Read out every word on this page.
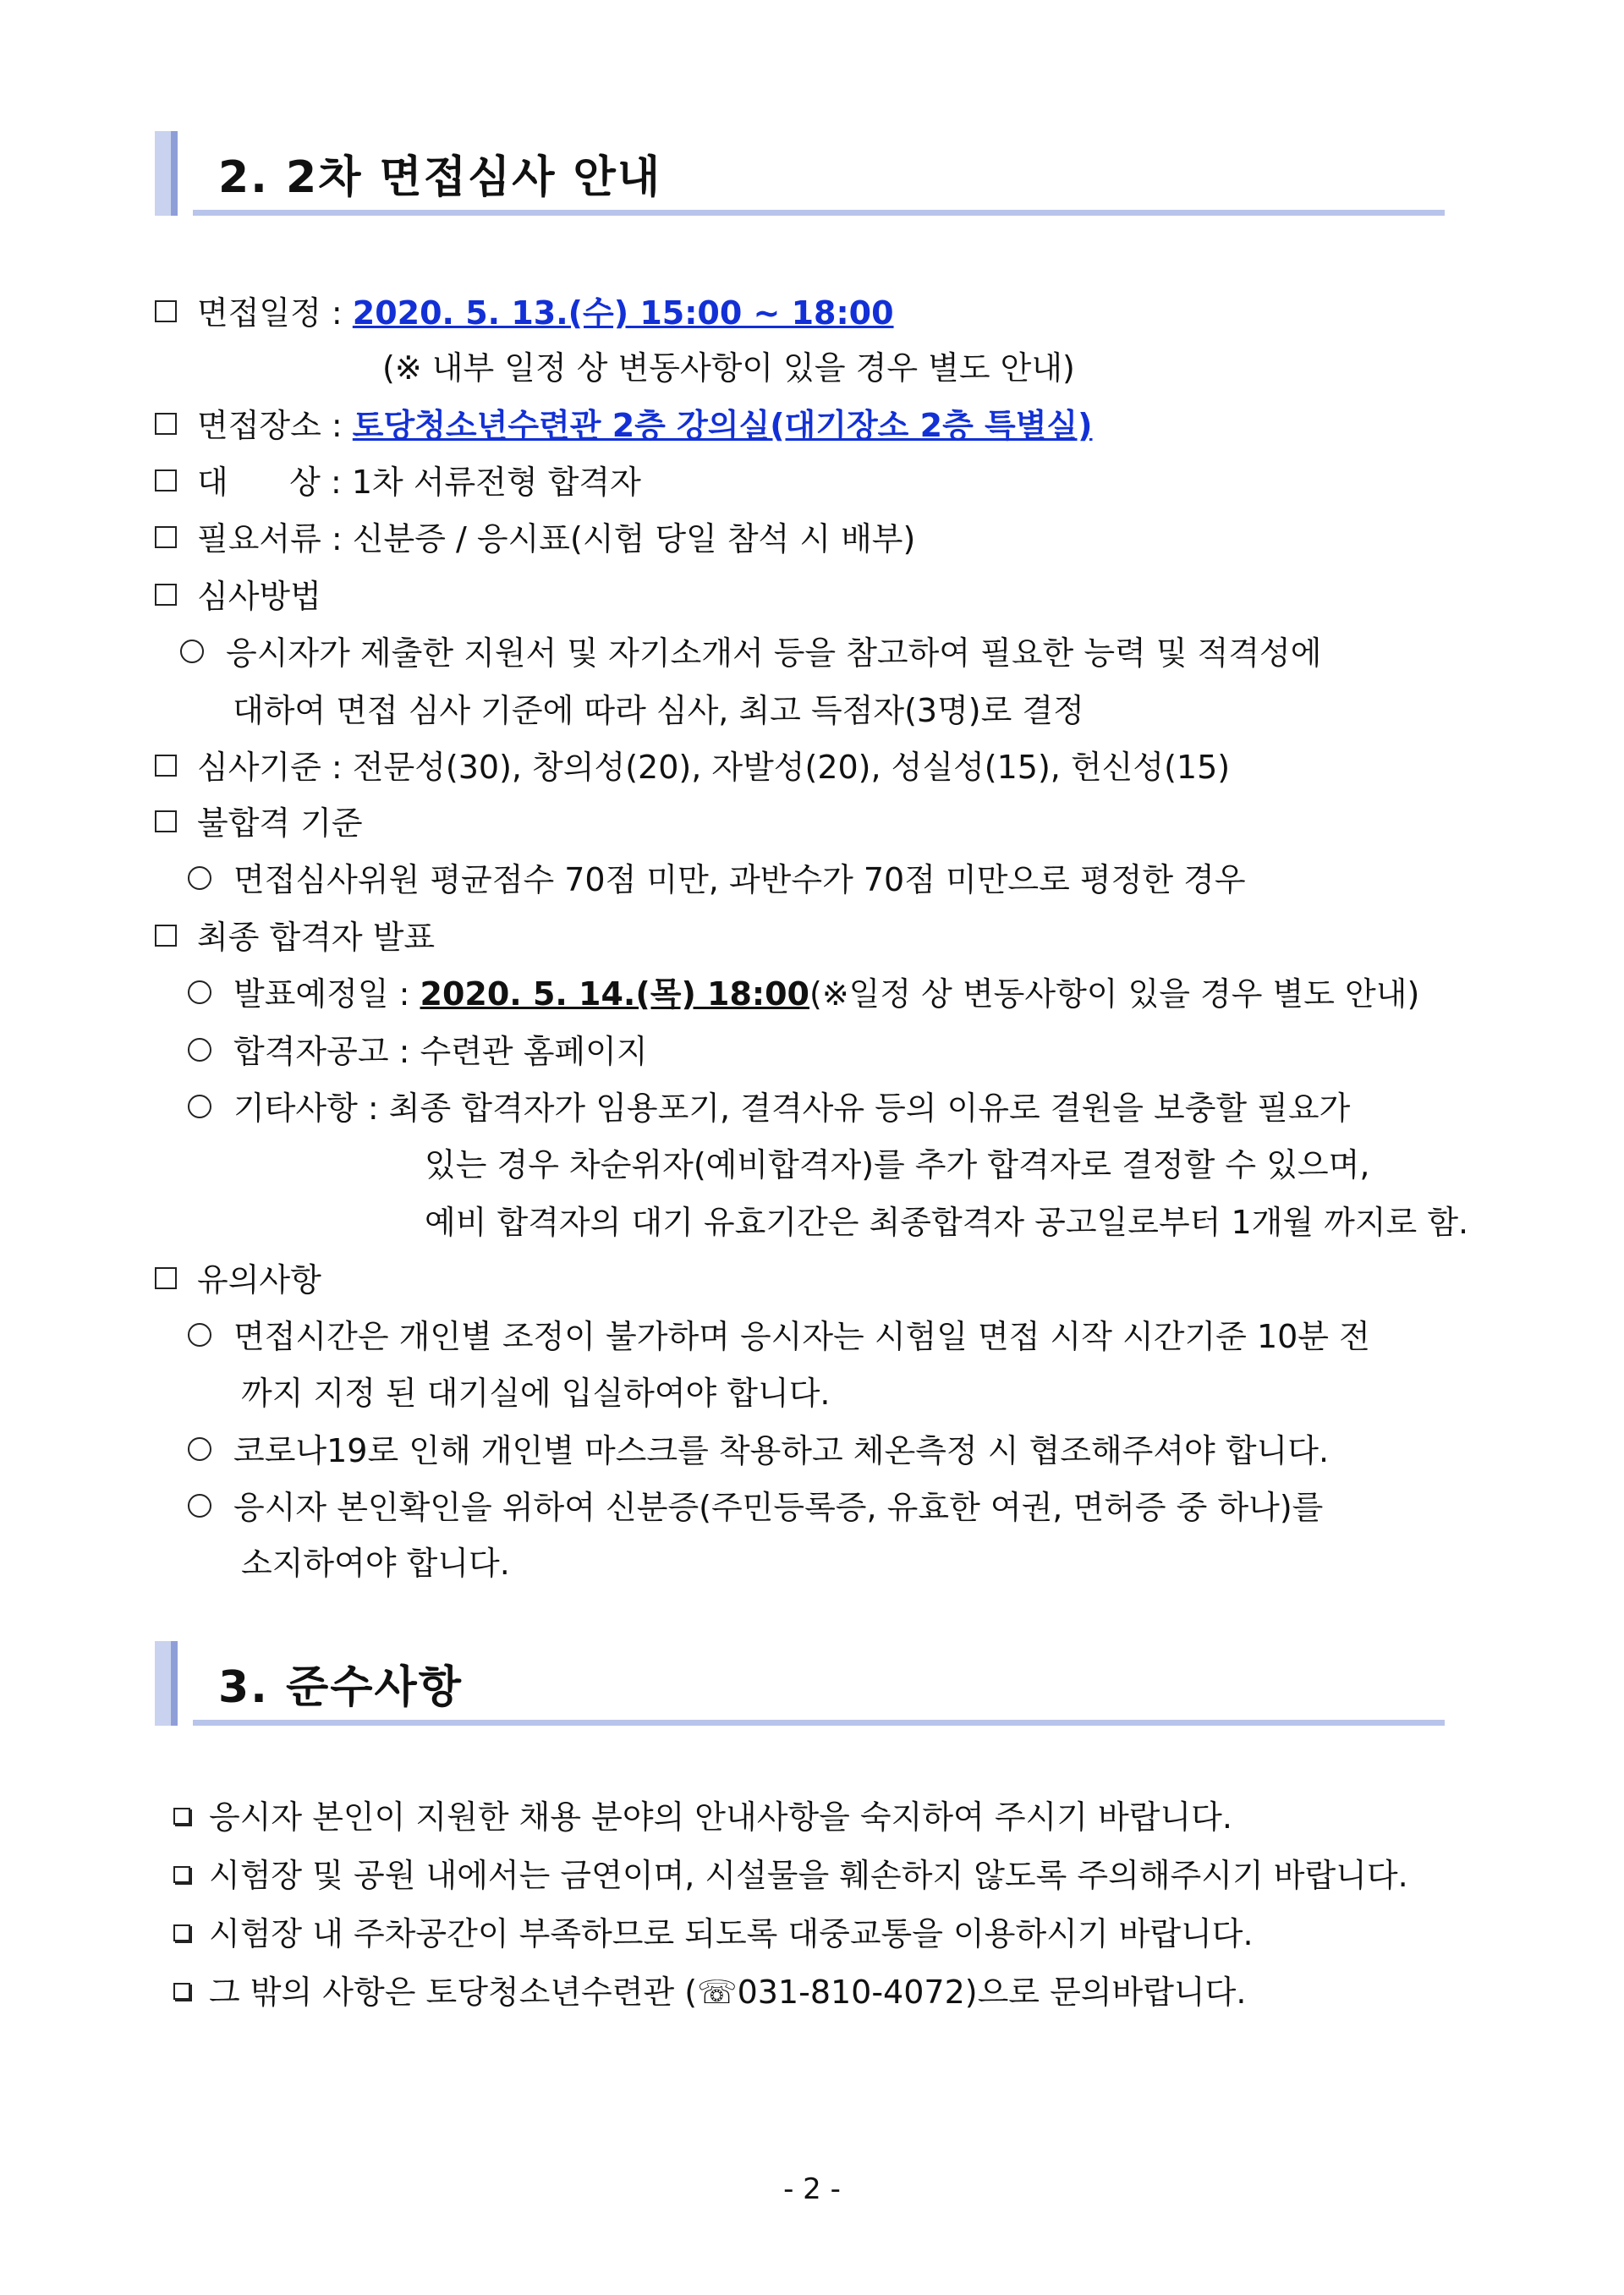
2. 2차 면접심사 안내
면접일정 : 2020. 5. 13.(수) 15:00 ~ 18:00
(※ 내부 일정 상 변동사항이 있을 경우 별도 안내)
면접장소 : 토당청소년수련관 2층 강의실(대기장소 2층 특별실)
대      상 : 1차 서류전형 합격자
필요서류 : 신분증 / 응시표(시험 당일 참석 시 배부)
심사방법
응시자가 제출한 지원서 및 자기소개서 등을 참고하여 필요한 능력 및 적격성에
대하여 면접 심사 기준에 따라 심사, 최고 득점자(3명)로 결정
심사기준 : 전문성(30), 창의성(20), 자발성(20), 성실성(15), 헌신성(15)
불합격 기준
면접심사위원 평균점수 70점 미만, 과반수가 70점 미만으로 평정한 경우
최종 합격자 발표
발표예정일 : 2020. 5. 14.(목) 18:00(※일정 상 변동사항이 있을 경우 별도 안내)
합격자공고 : 수련관 홈페이지
기타사항 : 최종 합격자가 임용포기, 결격사유 등의 이유로 결원을 보충할 필요가
있는 경우 차순위자(예비합격자)를 추가 합격자로 결정할 수 있으며,
예비 합격자의 대기 유효기간은 최종합격자 공고일로부터 1개월 까지로 함.
유의사항
면접시간은 개인별 조정이 불가하며 응시자는 시험일 면접 시작 시간기준 10분 전
까지 지정 된 대기실에 입실하여야 합니다.
코로나19로 인해 개인별 마스크를 착용하고 체온측정 시 협조해주셔야 합니다.
응시자 본인확인을 위하여 신분증(주민등록증, 유효한 여권, 면허증 중 하나)를
소지하여야 합니다.
3. 준수사항
응시자 본인이 지원한 채용 분야의 안내사항을 숙지하여 주시기 바랍니다.
시험장 및 공원 내에서는 금연이며, 시설물을 훼손하지 않도록 주의해주시기 바랍니다.
시험장 내 주차공간이 부족하므로 되도록 대중교통을 이용하시기 바랍니다.
그 밖의 사항은 토당청소년수련관 (☏031-810-4072)으로 문의바랍니다.
- 2 -
